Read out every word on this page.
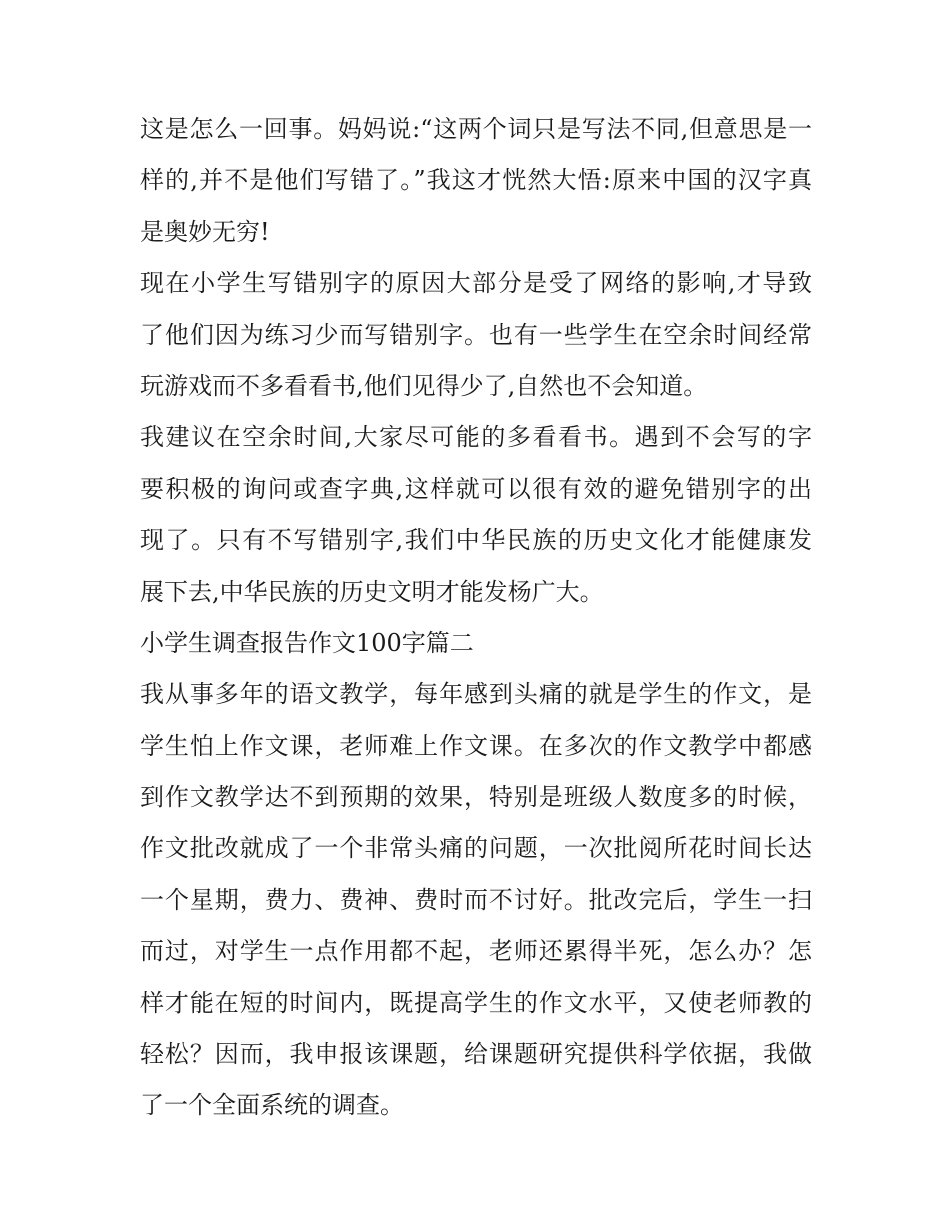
这是怎么一回事。妈妈说:“这两个词只是写法不同,但意思是一
样的,并不是他们写错了。”我这才恍然大悟:原来中国的汉字真
是奥妙无穷!
现在小学生写错别字的原因大部分是受了网络的影响,才导致
了他们因为练习少而写错别字。也有一些学生在空余时间经常
玩游戏而不多看看书,他们见得少了,自然也不会知道。
我建议在空余时间,大家尽可能的多看看书。遇到不会写的字
要积极的询问或查字典,这样就可以很有效的避免错别字的出
现了。只有不写错别字,我们中华民族的历史文化才能健康发
展下去,中华民族的历史文明才能发杨广大。
小学生调查报告作文100字篇二
我从事多年的语文教学，每年感到头痛的就是学生的作文，是
学生怕上作文课，老师难上作文课。在多次的作文教学中都感
到作文教学达不到预期的效果，特别是班级人数度多的时候，
作文批改就成了一个非常头痛的问题，一次批阅所花时间长达
一个星期，费力、费神、费时而不讨好。批改完后，学生一扫
而过，对学生一点作用都不起，老师还累得半死，怎么办？怎
样才能在短的时间内，既提高学生的作文水平，又使老师教的
轻松？因而，我申报该课题，给课题研究提供科学依据，我做
了一个全面系统的调查。
